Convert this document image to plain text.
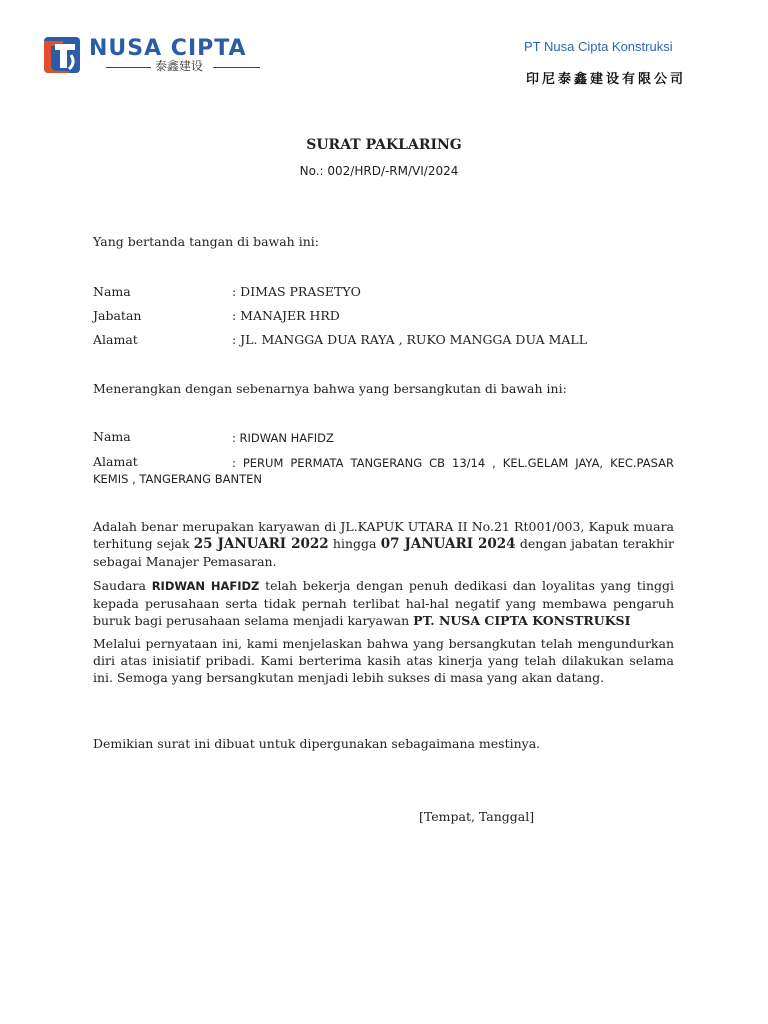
NUSA CIPTA
泰鑫建设
PT Nusa Cipta Konstruksi
印尼泰鑫建设有限公司
SURAT PAKLARING
No.: 002/HRD/-RM/VI/2024
Yang bertanda tangan di bawah ini:
Nama	: DIMAS PRASETYO
Jabatan	: MANAJER HRD
Alamat	: JL. MANGGA DUA RAYA , RUKO MANGGA DUA MALL
Menerangkan dengan sebenarnya bahwa yang bersangkutan di bawah ini:
Nama	: RIDWAN HAFIDZ
Alamat	: PERUM PERMATA TANGERANG CB 13/14 , KEL.GELAM JAYA, KEC.PASAR
KEMIS , TANGERANG BANTEN
Adalah benar merupakan karyawan di JL.KAPUK UTARA II No.21 Rt001/003, Kapuk muara terhitung sejak 25 JANUARI 2022 hingga 07 JANUARI 2024 dengan jabatan terakhir sebagai Manajer Pemasaran.
Saudara RIDWAN HAFIDZ telah bekerja dengan penuh dedikasi dan loyalitas yang tinggi kepada perusahaan serta tidak pernah terlibat hal-hal negatif yang membawa pengaruh buruk bagi perusahaan selama menjadi karyawan PT. NUSA CIPTA KONSTRUKSI
Melalui pernyataan ini, kami menjelaskan bahwa yang bersangkutan telah mengundurkan diri atas inisiatif pribadi. Kami berterima kasih atas kinerja yang telah dilakukan selama ini. Semoga yang bersangkutan menjadi lebih sukses di masa yang akan datang.
Demikian surat ini dibuat untuk dipergunakan sebagaimana mestinya.
[Tempat, Tanggal]
